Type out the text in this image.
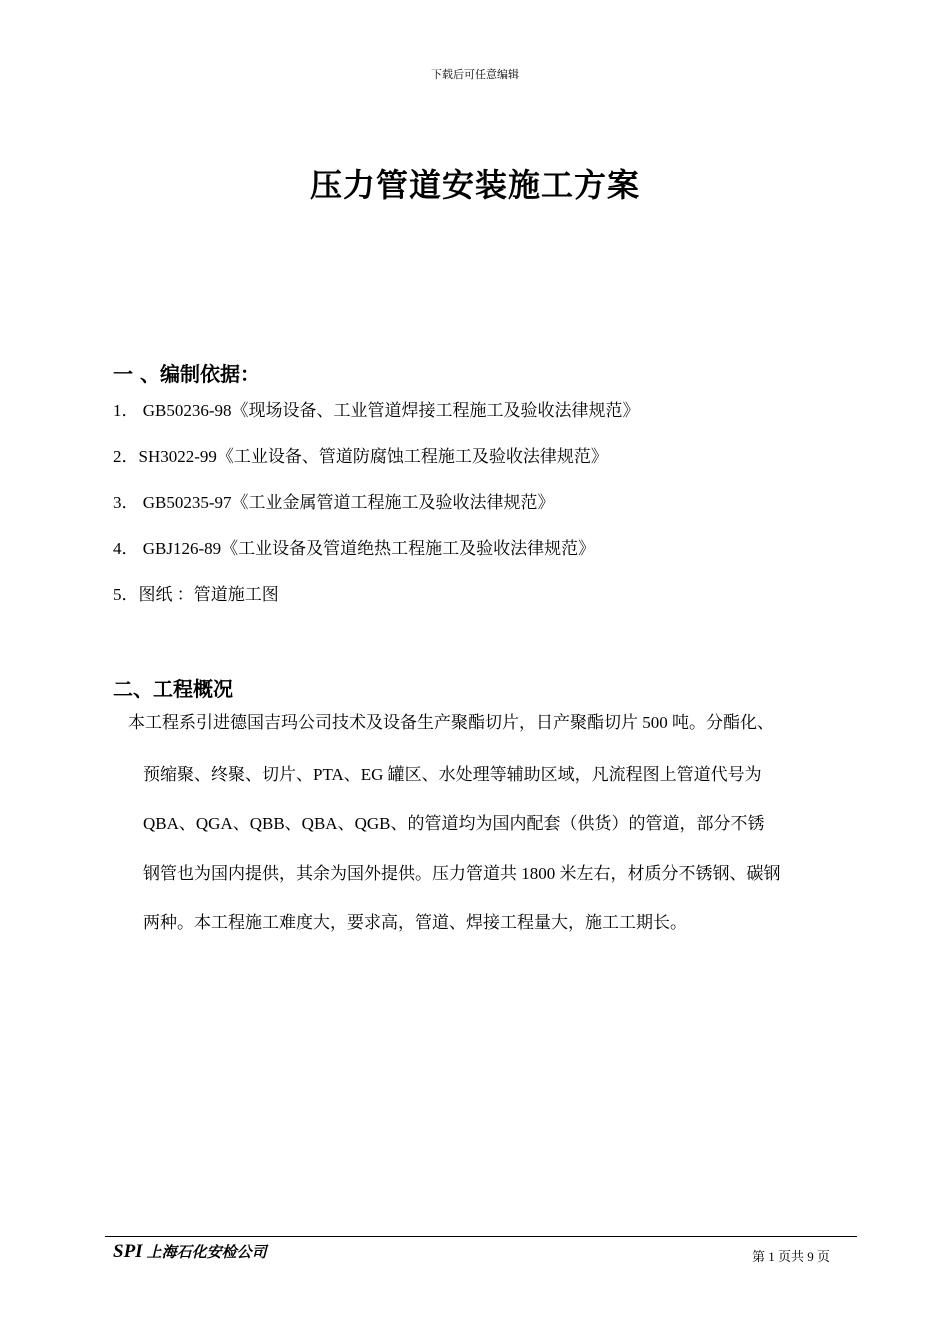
下载后可任意编辑
压力管道安装施工方案
一 、编制依据：
1． GB50236-98《现场设备、工业管道焊接工程施工及验收法律规范》
2．SH3022-99《工业设备、管道防腐蚀工程施工及验收法律规范》
3． GB50235-97《工业金属管道工程施工及验收法律规范》
4． GBJ126-89《工业设备及管道绝热工程施工及验收法律规范》
5．图纸 ：管道施工图
二、工程概况
本工程系引进德国吉玛公司技术及设备生产聚酯切片，日产聚酯切片 500 吨。分酯化、
预缩聚、终聚、切片、PTA、EG 罐区、水处理等辅助区域，凡流程图上管道代号为
QBA、QGA、QBB、QBA、QGB、的管道均为国内配套（供货）的管道，部分不锈
钢管也为国内提供，其余为国外提供。压力管道共 1800 米左右，材质分不锈钢、碳钢
两种。本工程施工难度大，要求高，管道、焊接工程量大，施工工期长。
SPI 上海石化安检公司	第 1 页共 9 页
